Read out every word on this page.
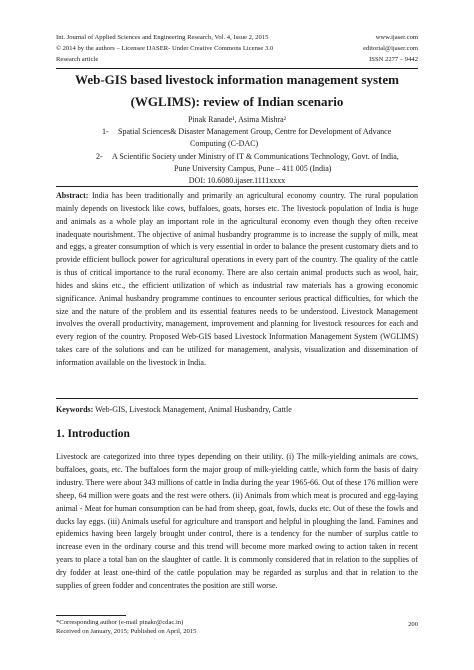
Int. Journal of Applied Sciences and Engineering Research, Vol. 4, Issue 2, 2015	www.ijaser.com
© 2014 by the authors – Licensee IJASER- Under Creative Commons License 3.0	editorial@ijaser.com
Research article	ISSN 2277 – 9442
Web-GIS based livestock information management system
(WGLIMS): review of Indian scenario
Pinak Ranade¹, Asima Mishra²
1- Spatial Sciences& Disaster Management Group, Centre for Development of Advance
Computing (C-DAC)
2- A Scientific Society under Ministry of IT & Communications Technology, Govt. of India,
Pune University Campus, Pune – 411 005 (India)

Abstract: India has been traditionally and primarily an agricultural economy country. The rural population mainly depends on livestock like cows, buffaloes, goats, horses etc. The livestock population of India is huge and animals as a whole play an important role in the agricultural economy even though they often receive inadequate nourishment. The objective of animal husbandry programme is to increase the supply of milk, meat and eggs, a greater consumption of which is very essential in order to balance the present customary diets and to provide efficient bullock power for agricultural operations in every part of the country. The quality of the cattle is thus of critical importance to the rural economy. There are also certain animal products such as wool, hair, hides and skins etc., the efficient utilization of which as industrial raw materials has a growing economic significance. Animal husbandry programme continues to encounter serious practical difficulties, for which the size and the nature of the problem and its essential features needs to be understood. Livestock Management involves the overall productivity, management, improvement and planning for livestock resources for each and every region of the country. Proposed Web-GIS based Livestock Information Management System (WGLIMS) takes care of the solutions and can be utilized for management, analysis, visualization and dissemination of information available on the livestock in India.

Keywords: Web-GIS, Livestock Management, Animal Husbandry, Cattle
1. Introduction

Livestock are categorized into three types depending on their utility. (i) The milk-yielding animals are cows, buffaloes, goats, etc. The buffaloes form the major group of milk-yielding cattle, which form the basis of dairy industry. There were about 343 millions of cattle in India during the year 1965-66. Out of these 176 million were sheep, 64 million were goats and the rest were others. (ii) Animals from which meat is procured and egg-laying animal - Meat for human consumption can be had from sheep, goat, fowls, ducks etc. Out of these the fowls and ducks lay eggs. (iii) Animals useful for agriculture and transport and helpful in ploughing the land. Famines and epidemics having been largely brought under control, there is a tendency for the number of surplus cattle to increase even in the ordinary course and this trend will become more marked owing to action taken in recent years to place a total ban on the slaughter of cattle. It is commonly considered that in relation to the supplies of dry fodder at least one-third of the cattle population may be regarded as surplus and that in relation to the supplies of green fodder and concentrates the position are still worse.

*Corresponding author (e-mail pinakr@cdac.in)
Received on January, 2015; Published on April, 2015
200
DOI: 10.6080.ijaser.1111xxxx
